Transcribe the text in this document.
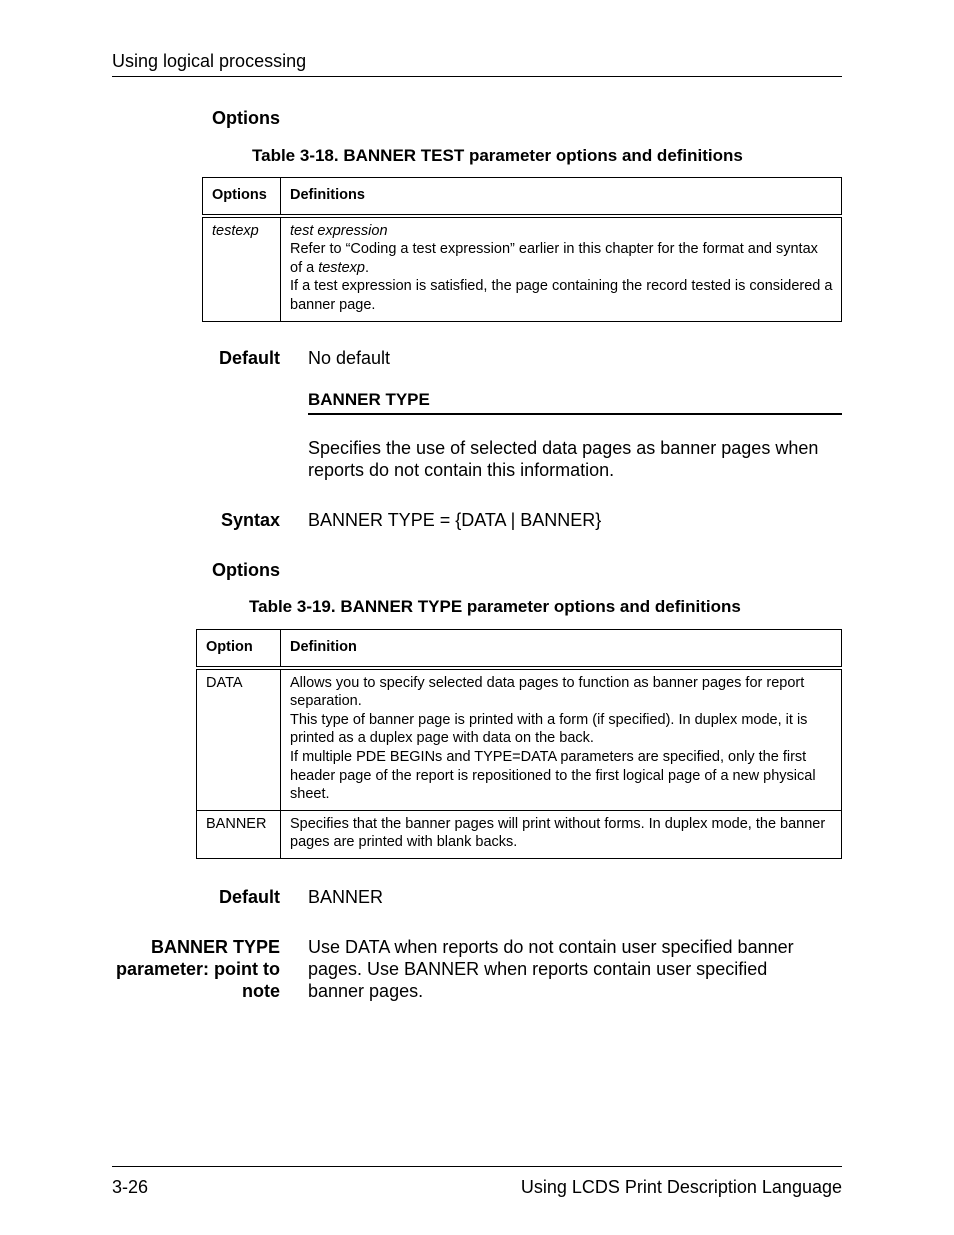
Using logical processing
Options
Table 3-18. BANNER TEST parameter options and definitions
Options	Definitions
testexp	test expression
Refer to “Coding a test expression” earlier in this chapter for the format and syntax of a testexp.
If a test expression is satisfied, the page containing the record tested is considered a banner page.
Default No default
BANNER TYPE
Specifies the use of selected data pages as banner pages when reports do not contain this information.
Syntax BANNER TYPE = {DATA | BANNER}
Options
Table 3-19. BANNER TYPE parameter options and definitions
Option	Definition
DATA	Allows you to specify selected data pages to function as banner pages for report separation.
This type of banner page is printed with a form (if specified). In duplex mode, it is printed as a duplex page with data on the back.
If multiple PDE BEGINs and TYPE=DATA parameters are specified, only the first header page of the report is repositioned to the first logical page of a new physical sheet.

BANNER	Specifies that the banner pages will print without forms. In duplex mode, the banner pages are printed with blank backs.
Default BANNER
BANNER TYPE parameter: point to note
Use DATA when reports do not contain user specified banner pages. Use BANNER when reports contain user specified banner pages.
3-26	Using LCDS Print Description Language
